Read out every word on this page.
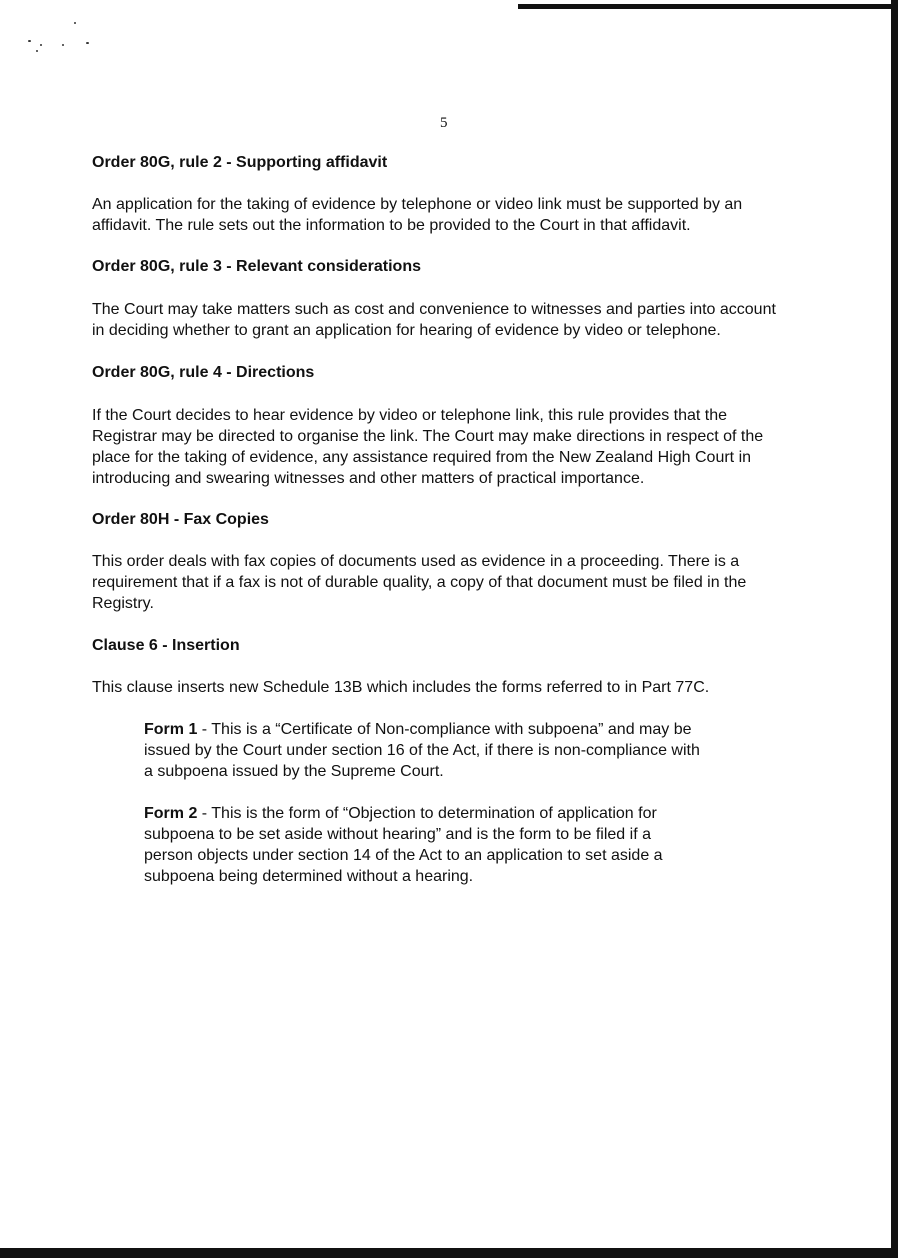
5

Order 80G, rule 2 - Supporting affidavit

An application for the taking of evidence by telephone or video link must be supported by an affidavit. The rule sets out the information to be provided to the Court in that affidavit.

Order 80G, rule 3 - Relevant considerations

The Court may take matters such as cost and convenience to witnesses and parties into account in deciding whether to grant an application for hearing of evidence by video or telephone.

Order 80G, rule 4 - Directions

If the Court decides to hear evidence by video or telephone link, this rule provides that the Registrar may be directed to organise the link. The Court may make directions in respect of the place for the taking of evidence, any assistance required from the New Zealand High Court in introducing and swearing witnesses and other matters of practical importance.

Order 80H - Fax Copies

This order deals with fax copies of documents used as evidence in a proceeding. There is a requirement that if a fax is not of durable quality, a copy of that document must be filed in the Registry.

Clause 6 - Insertion

This clause inserts new Schedule 13B which includes the forms referred to in Part 77C.

Form 1 - This is a “Certificate of Non-compliance with subpoena” and may be issued by the Court under section 16 of the Act, if there is non-compliance with a subpoena issued by the Supreme Court.

Form 2 - This is the form of “Objection to determination of application for subpoena to be set aside without hearing” and is the form to be filed if a person objects under section 14 of the Act to an application to set aside a subpoena being determined without a hearing.
